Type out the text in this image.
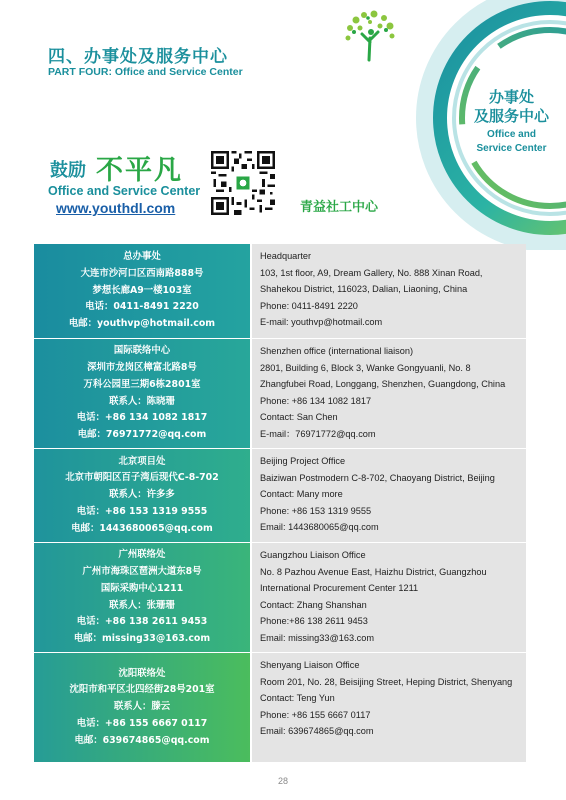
四、办事处及服务中心
PART FOUR: Office and Service Center
办事处
及服务中心
Office and
Service Center
鼓励 不平凡
Office and Service Center
www.youthdl.com	青益社工中心
总办事处
大连市沙河口区西南路888号
梦想长廊A9一楼103室
电话：0411-8491 2220
电邮：youthvp@hotmail.com
Headquarter
103, 1st floor, A9, Dream Gallery, No. 888 Xinan Road,
Shahekou District, 116023, Dalian, Liaoning, China
Phone: 0411-8491 2220
E-mail: youthvp@hotmail.com
国际联络中心
深圳市龙岗区樟富北路8号
万科公园里三期6栋2801室
联系人：陈晓珊
电话：+86 134 1082 1817
电邮：76971772@qq.com
Shenzhen office (international liaison)
2801, Building 6, Block 3, Wanke Gongyuanli, No. 8
Zhangfubei Road, Longgang, Shenzhen, Guangdong, China
Phone: +86 134 1082 1817
Contact: San Chen
E-mail：76971772@qq.com
北京项目处
北京市朝阳区百子湾后现代C-8-702
联系人：许多多
电话：+86 153 1319 9555
电邮：1443680065@qq.com
Beijing Project Office
Baiziwan Postmodern C-8-702, Chaoyang District, Beijing
Contact: Many more
Phone: +86 153 1319 9555
Email: 1443680065@qq.com
广州联络处
广州市海珠区琶洲大道东8号
国际采购中心1211
联系人：张珊珊
电话：+86 138 2611 9453
电邮：missing33@163.com
Guangzhou Liaison Office
No. 8 Pazhou Avenue East, Haizhu District, Guangzhou
International Procurement Center 1211
Contact: Zhang Shanshan
Phone:+86 138 2611 9453
Email: missing33@163.com
沈阳联络处
沈阳市和平区北四经街28号201室
联系人：滕云
电话：+86 155 6667 0117
电邮：639674865@qq.com
Shenyang Liaison Office
Room 201, No. 28, Beisijing Street, Heping District, Shenyang
Contact: Teng Yun
Phone: +86 155 6667 0117
Email: 639674865@qq.com
28
